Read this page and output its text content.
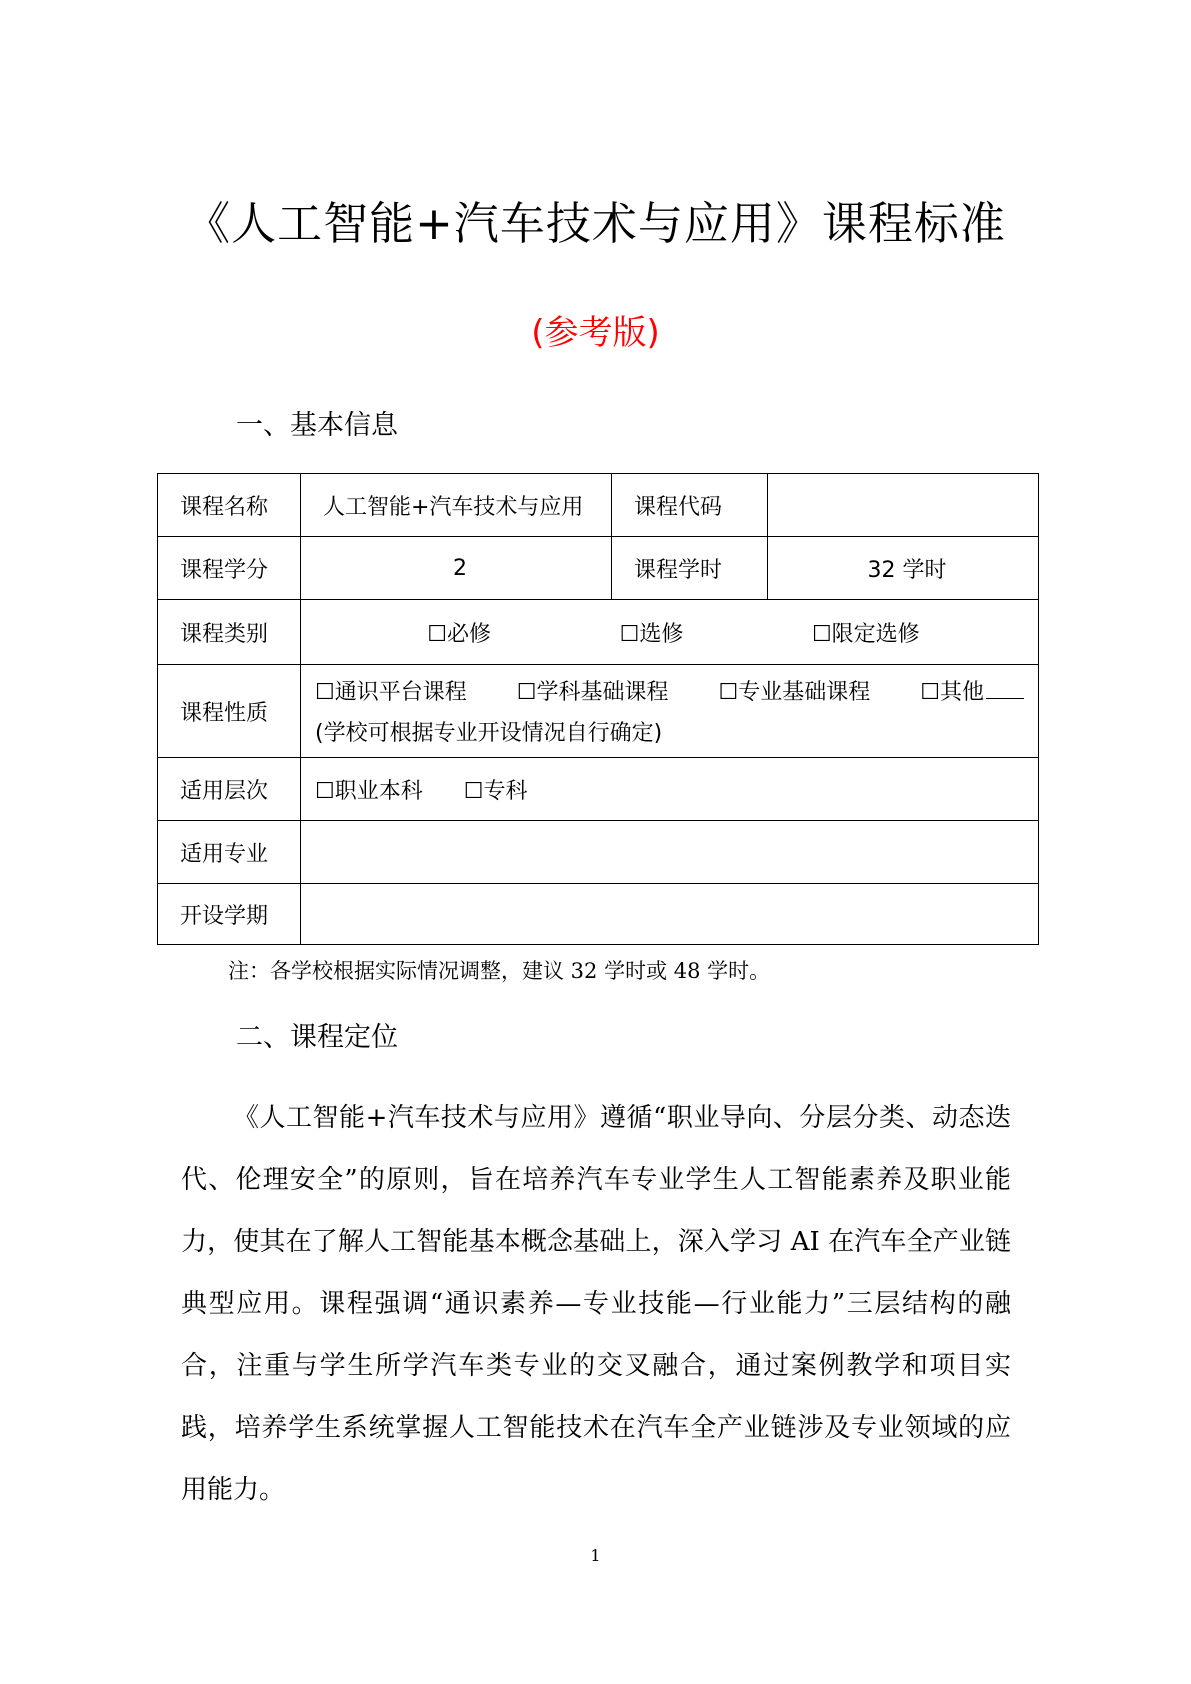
《人工智能+汽车技术与应用》课程标准
(参考版)
一、基本信息
课程名称	人工智能+汽车技术与应用	课程代码	
课程学分	2	课程学时	32 学时
课程类别	☐必修 ☐选修 ☐限定选修		

课程性质	☐通识平台课程 ☐学科基础课程 ☐专业基础课程 ☐其他
(学校可根据专业开设情况自行确定)		

适用层次	☐职业本科 ☐专科		
适用专业			
开设学期			
注：各学校根据实际情况调整，建议 32 学时或 48 学时。
二、课程定位

《人工智能+汽车技术与应用》遵循“职业导向、分层分类、动态迭代、伦理安全”的原则，旨在培养汽车专业学生人工智能素养及职业能力，使其在了解人工智能基本概念基础上，深入学习 AI 在汽车全产业链典型应用。课程强调“通识素养—专业技能—行业能力”三层结构的融合，注重与学生所学汽车类专业的交叉融合，通过案例教学和项目实践，培养学生系统掌握人工智能技术在汽车全产业链涉及专业领域的应用能力。

1
